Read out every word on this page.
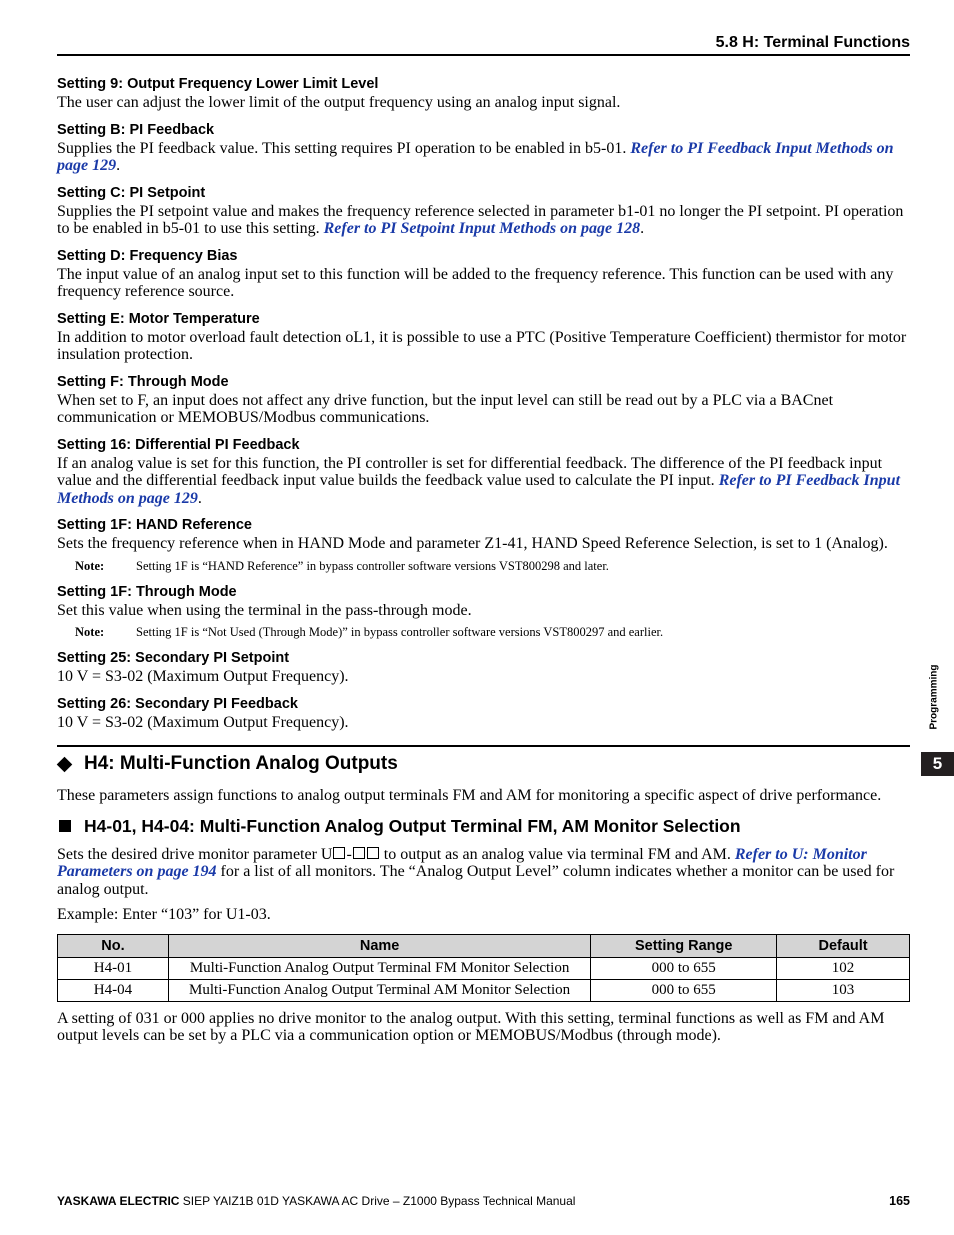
5.8 H: Terminal Functions

Setting 9: Output Frequency Lower Limit Level

The user can adjust the lower limit of the output frequency using an analog input signal.

Setting B: PI Feedback

Supplies the PI feedback value. This setting requires PI operation to be enabled in b5-01. Refer to PI Feedback Input Methods on page 129.

Setting C: PI Setpoint

Supplies the PI setpoint value and makes the frequency reference selected in parameter b1-01 no longer the PI setpoint. PI operation to be enabled in b5-01 to use this setting. Refer to PI Setpoint Input Methods on page 128.

Setting D: Frequency Bias

The input value of an analog input set to this function will be added to the frequency reference. This function can be used with any frequency reference source.

Setting E: Motor Temperature

In addition to motor overload fault detection oL1, it is possible to use a PTC (Positive Temperature Coefficient) thermistor for motor insulation protection.

Setting F: Through Mode

When set to F, an input does not affect any drive function, but the input level can still be read out by a PLC via a BACnet communication or MEMOBUS/Modbus communications.

Setting 16: Differential PI Feedback

If an analog value is set for this function, the PI controller is set for differential feedback. The difference of the PI feedback input value and the differential feedback input value builds the feedback value used to calculate the PI input. Refer to PI Feedback Input Methods on page 129.

Setting 1F: HAND Reference

Sets the frequency reference when in HAND Mode and parameter Z1-41, HAND Speed Reference Selection, is set to 1 (Analog).

Note:	Setting 1F is “HAND Reference” in bypass controller software versions VST800298 and later.

Setting 1F: Through Mode

Set this value when using the terminal in the pass-through mode.

Note:	Setting 1F is “Not Used (Through Mode)” in bypass controller software versions VST800297 and earlier.

Setting 25: Secondary PI Setpoint

10 V = S3-02 (Maximum Output Frequency).

Setting 26: Secondary PI Feedback

10 V = S3-02 (Maximum Output Frequency).

H4: Multi-Function Analog Outputs

These parameters assign functions to analog output terminals FM and AM for monitoring a specific aspect of drive performance.

H4-01, H4-04: Multi-Function Analog Output Terminal FM, AM Monitor Selection

Sets the desired drive monitor parameter U - to output as an analog value via terminal FM and AM. Refer to U: Monitor Parameters on page 194 for a list of all monitors. The “Analog Output Level” column indicates whether a monitor can be used for analog output.

Example: Enter “103” for U1-03.

No.	Name	Setting Range	Default
H4-01	Multi-Function Analog Output Terminal FM Monitor Selection	000 to 655	102
H4-04	Multi-Function Analog Output Terminal AM Monitor Selection	000 to 655	103

A setting of 031 or 000 applies no drive monitor to the analog output. With this setting, terminal functions as well as FM and AM output levels can be set by a PLC via a communication option or MEMOBUS/Modbus (through mode).

Programming
5
YASKAWA ELECTRIC SIEP YAIZ1B 01D YASKAWA AC Drive – Z1000 Bypass Technical Manual	165
